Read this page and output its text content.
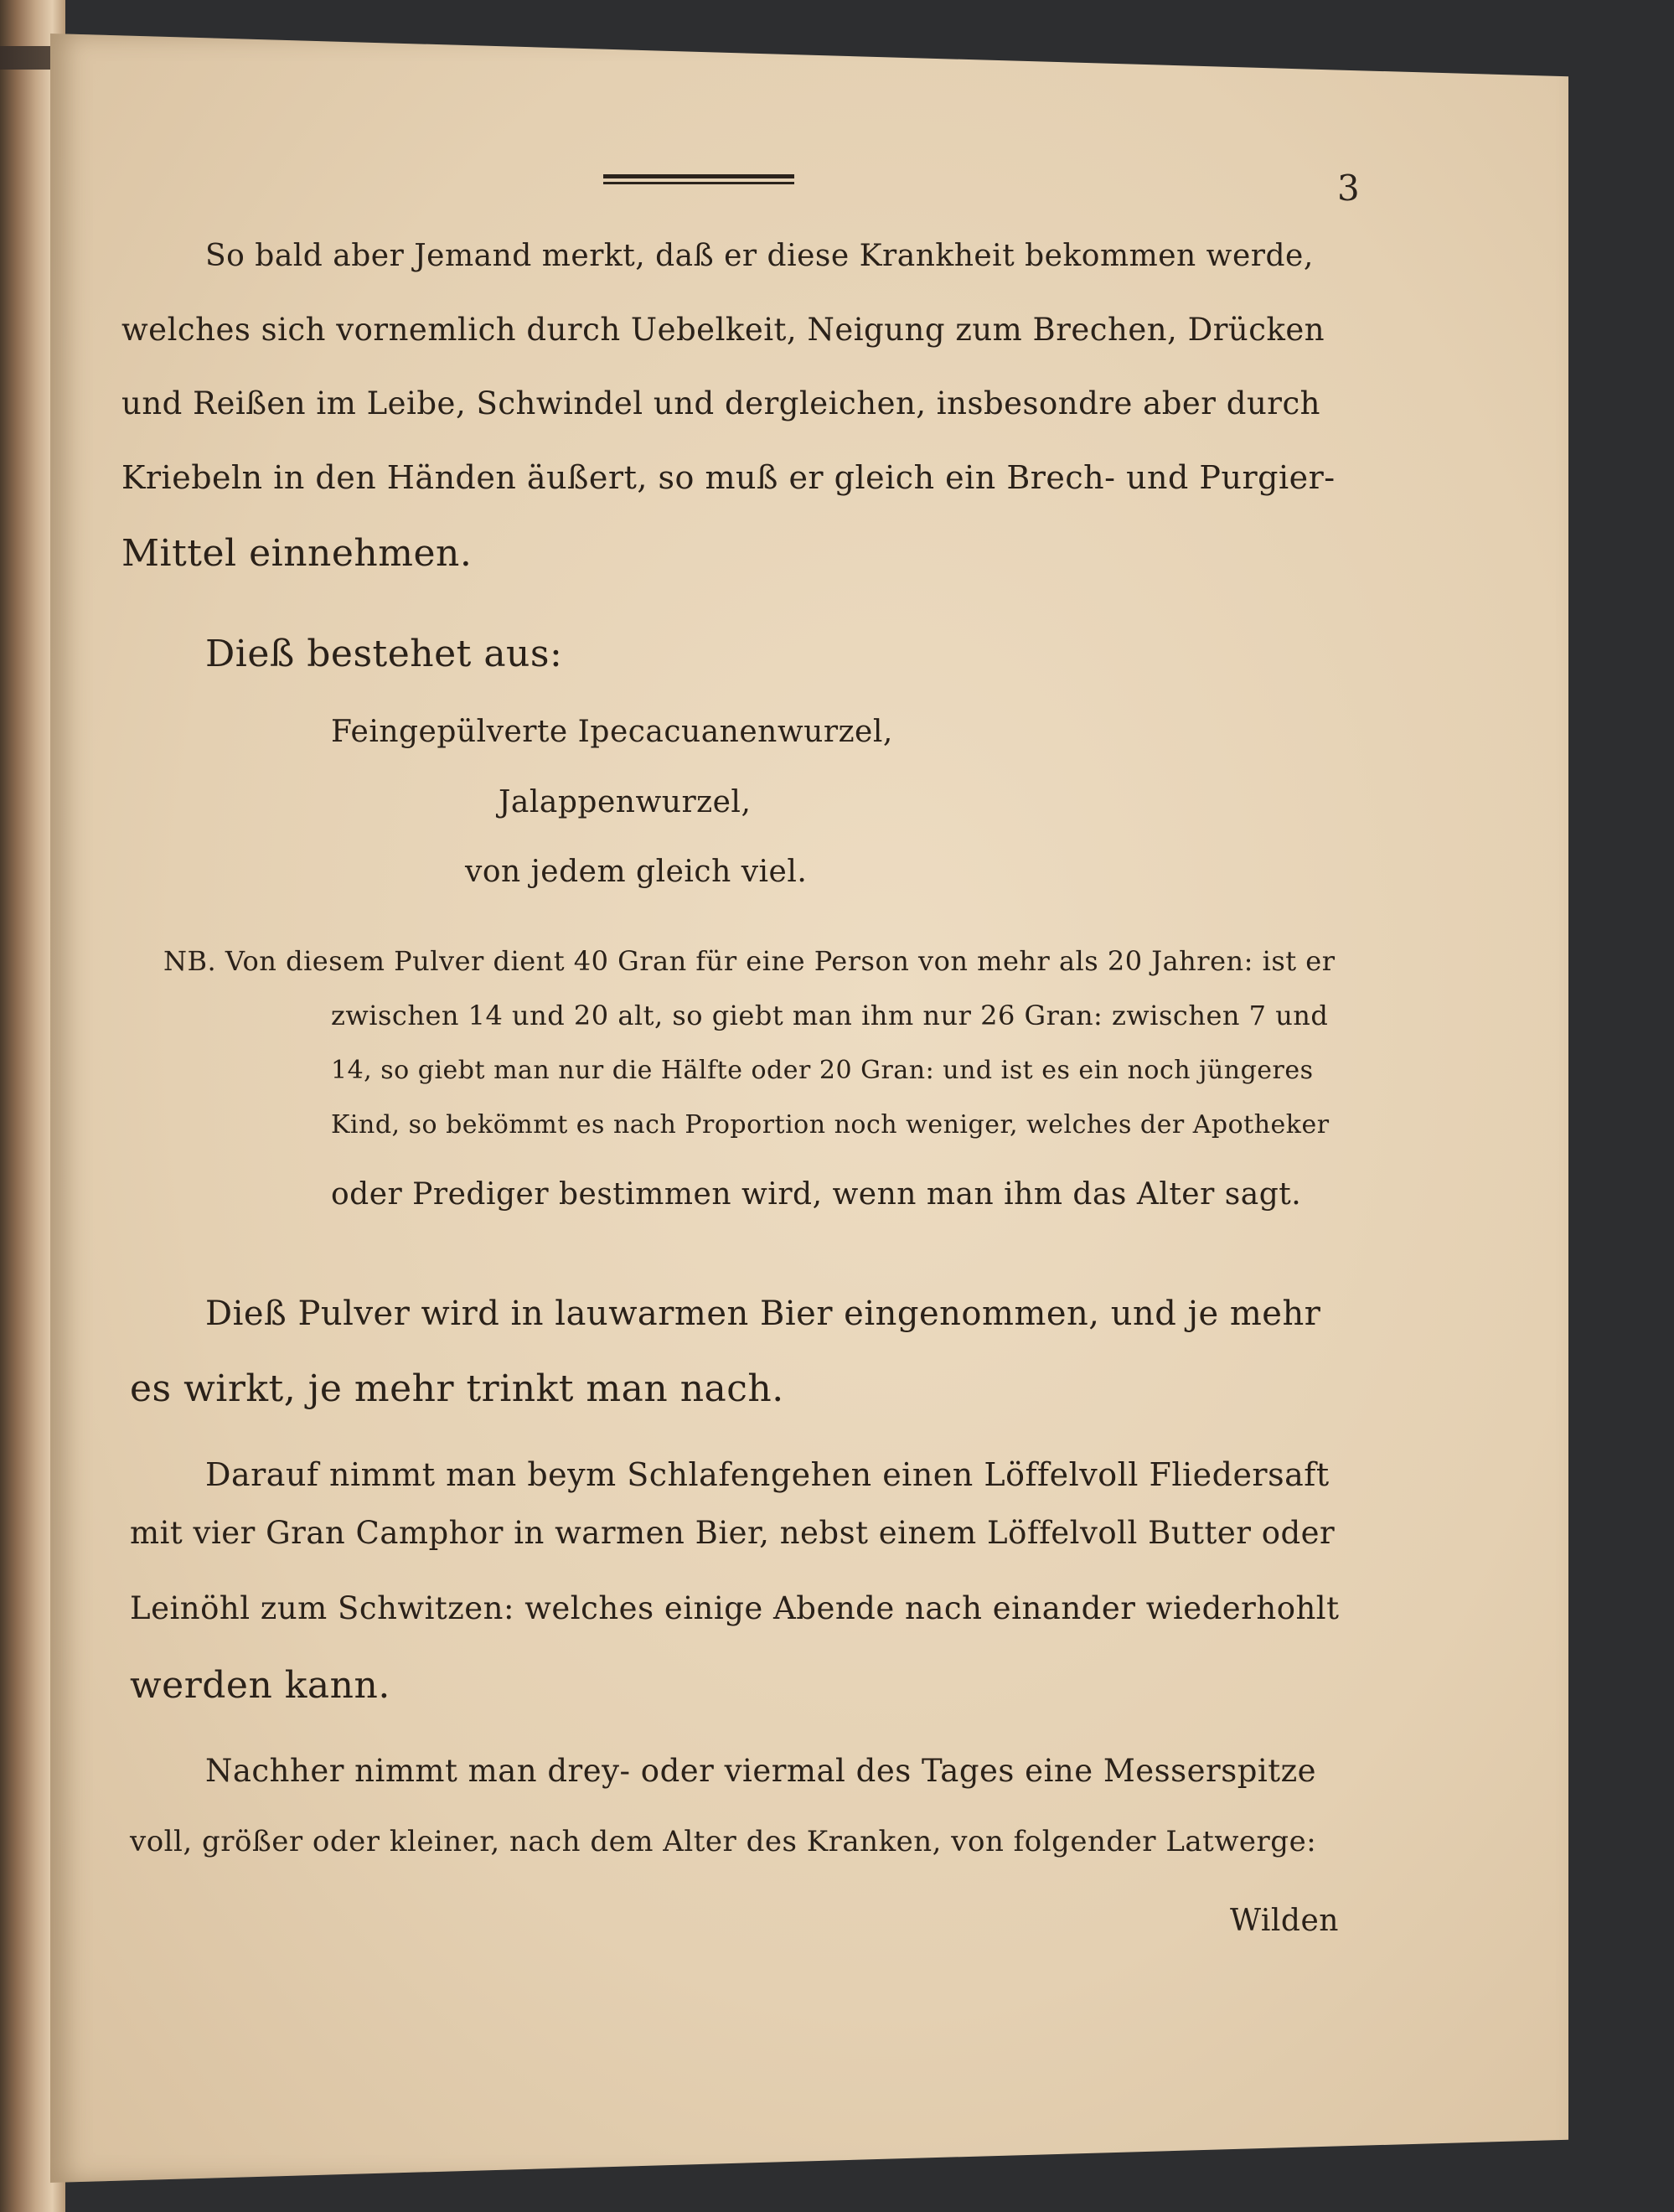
3
So bald aber Jemand merkt, daß er diese Krankheit bekommen werde,
welches sich vornemlich durch Uebelkeit, Neigung zum Brechen, Drücken
und Reißen im Leibe, Schwindel und dergleichen, insbesondre aber durch
Kriebeln in den Händen äußert, so muß er gleich ein Brech- und Purgier-
Mittel einnehmen.
Dieß bestehet aus:
Feingepülverte Ipecacuanenwurzel,
Jalappenwurzel,
von jedem gleich viel.
NB. Von diesem Pulver dient 40 Gran für eine Person von mehr als 20 Jahren: ist er
zwischen 14 und 20 alt, so giebt man ihm nur 26 Gran: zwischen 7 und
14, so giebt man nur die Hälfte oder 20 Gran: und ist es ein noch jüngeres
Kind, so bekömmt es nach Proportion noch weniger, welches der Apotheker
oder Prediger bestimmen wird, wenn man ihm das Alter sagt.
Dieß Pulver wird in lauwarmen Bier eingenommen, und je mehr
es wirkt, je mehr trinkt man nach.
Darauf nimmt man beym Schlafengehen einen Löffelvoll Fliedersaft
mit vier Gran Camphor in warmen Bier, nebst einem Löffelvoll Butter oder
Leinöhl zum Schwitzen: welches einige Abende nach einander wiederhohlt
werden kann.
Nachher nimmt man drey- oder viermal des Tages eine Messerspitze
voll, größer oder kleiner, nach dem Alter des Kranken, von folgender Latwerge:
Wilden
